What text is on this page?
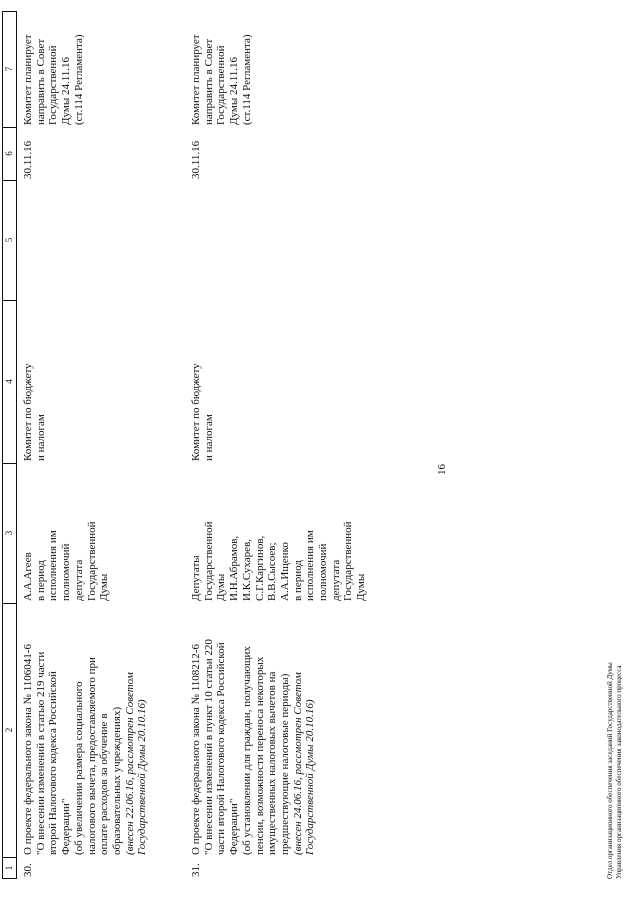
16
1
2
3
4
5
6
7
30.
О проекте федерального закона № 1106041-6 "О внесении изменений в статью 219 части второй Налогового кодекса Российской Федерации" (об увеличении размера социального налогового вычета, предоставляемого при оплате расходов за обучение в образовательных учреждениях) (внесен 22.06.16, рассмотрен Советом Государственной Думы 20.10.16)
А.А.Агеев в период исполнения им полномочий депутата Государственной Думы
Комитет по бюджету и налогам
30.11.16
Комитет планирует направить в Совет Государственной Думы 24.11.16 (ст.114 Регламента)
31.
О проекте федерального закона № 1108212-6 "О внесении изменений в пункт 10 статьи 220 части второй Налогового кодекса Российской Федерации" (об установлении для граждан, получающих пенсии, возможности переноса некоторых имущественных налоговых вычетов на предшествующие налоговые периоды) (внесен 24.06.16, рассмотрен Советом Государственной Думы 20.10.16)
Депутаты Государственной Думы И.Н.Абрамов, И.К.Сухарев, С.Г.Каргинов, В.В.Сысоев; А.А.Ищенко в период исполнения им полномочий депутата Государственной Думы
Комитет по бюджету и налогам
30.11.16
Комитет планирует направить в Совет Государственной Думы 24.11.16 (ст.114 Регламента)
Отдел организационного обеспечения заседаний Государственной Думы Управления организационного обеспечения законодательного процесса
